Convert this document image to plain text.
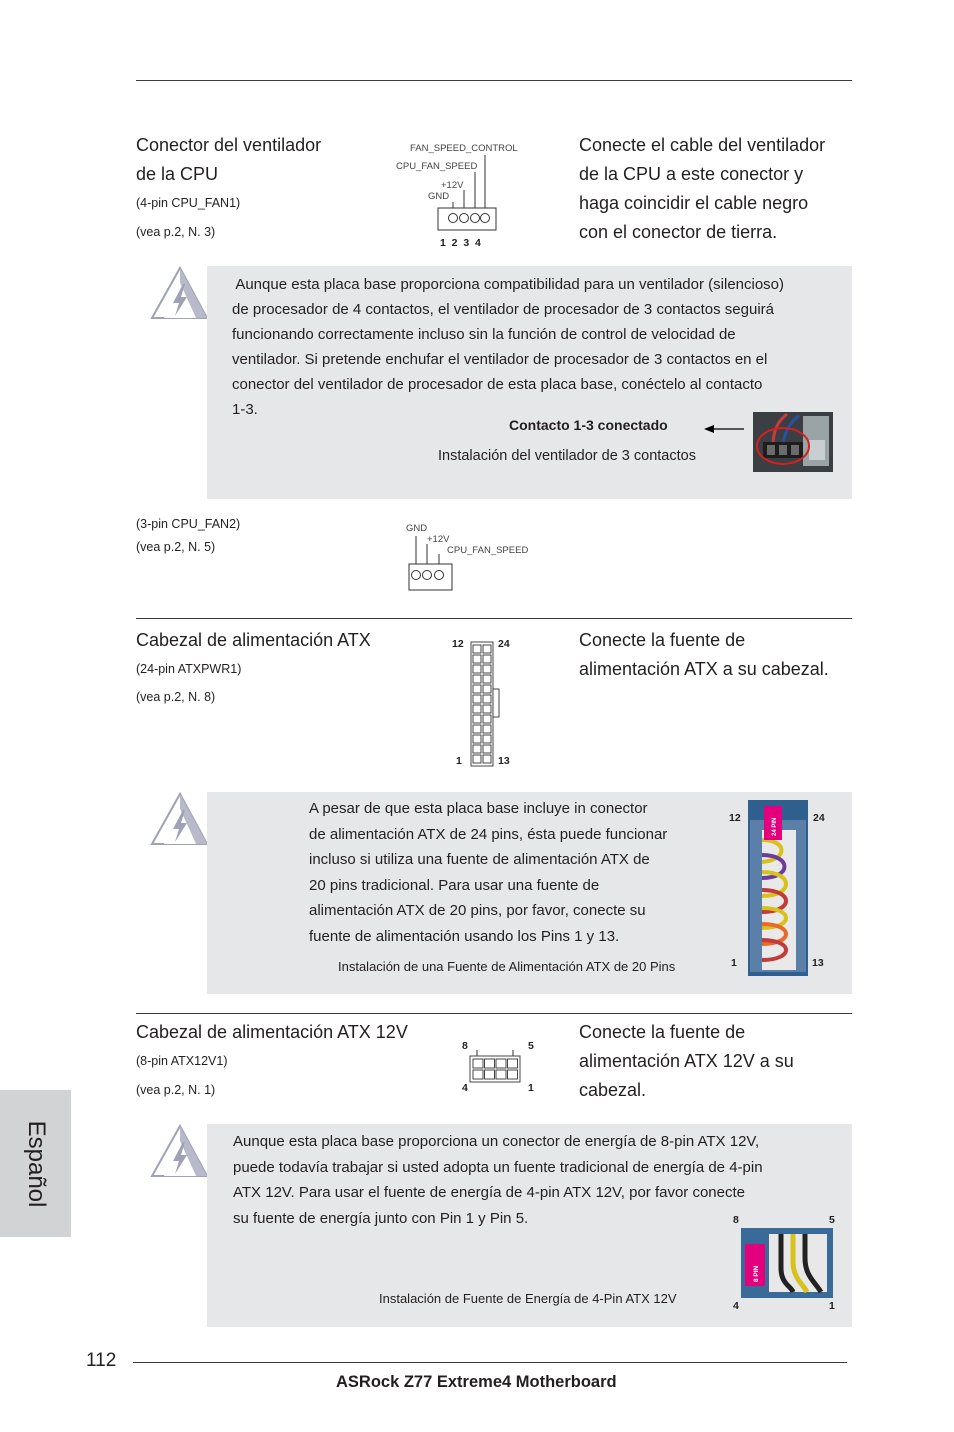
Conector del ventilador
de la CPU
(4-pin CPU_FAN1)
(vea p.2, N. 3)
FAN_SPEED_CONTROL
CPU_FAN_SPEED
+12V
GND
1  2  3  4
Conecte el cable del ventilador
de la CPU a este conector y
haga coincidir el cable negro
con el conector de tierra.
Aunque esta placa base proporciona compatibilidad para un ventilador (silencioso)
de procesador de 4 contactos, el ventilador de procesador de 3 contactos seguirá
funcionando correctamente incluso sin la función de control de velocidad de
ventilador. Si pretende enchufar el ventilador de procesador de 3 contactos en el
conector del ventilador de procesador de esta placa base, conéctelo al contacto
1-3.
Contacto 1-3 conectado
Instalación del ventilador de 3 contactos
(3-pin CPU_FAN2)
(vea p.2, N. 5)
GND
+12V
CPU_FAN_SPEED
Cabezal de alimentación ATX
(24-pin ATXPWR1)
(vea p.2, N. 8)
12	24
1	13
Conecte la fuente de
alimentación ATX a su cabezal.
A pesar de que esta placa base incluye in conector
de alimentación ATX de 24 pins, ésta puede funcionar
incluso si utiliza una fuente de alimentación ATX de
20 pins tradicional. Para usar una fuente de
alimentación ATX de 20 pins, por favor, conecte su
fuente de alimentación usando los Pins 1 y 13.
Instalación de una Fuente de Alimentación ATX de 20 Pins
12	24
24 PIN
1	13
Cabezal de alimentación ATX 12V
(8-pin ATX12V1)
(vea p.2, N. 1)
8	5
4	1
Conecte la fuente de
alimentación ATX 12V a su
cabezal.
Aunque esta placa base proporciona un conector de energía de 8-pin ATX 12V,
puede todavía trabajar si usted adopta un fuente tradicional de energía de 4-pin
ATX 12V. Para usar el fuente de energía de 4-pin ATX 12V, por favor conecte
su fuente de energía junto con Pin 1 y Pin 5.
Instalación de Fuente de Energía de 4-Pin ATX 12V
8	5
8 PIN
4	1
Español
112
ASRock Z77 Extreme4 Motherboard
